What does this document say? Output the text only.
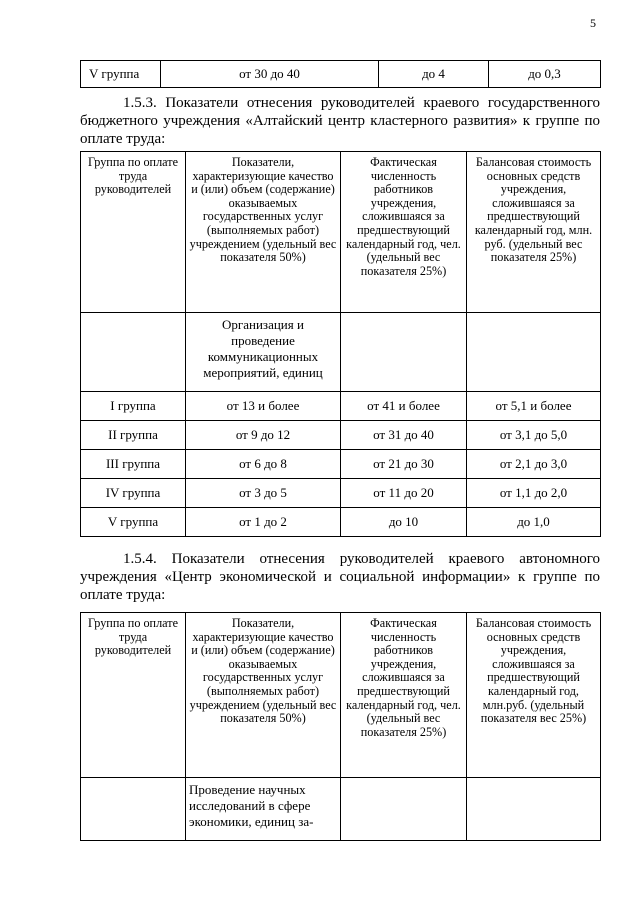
5
V группа	от 30 до 40	до 4	до 0,3
1.5.3. Показатели отнесения руководителей краевого государственного бюджетного учреждения «Алтайский центр кластерного развития» к группе по оплате труда:
Группа по оплате труда руководителей	Показатели, характеризующие качество и (или) объем (содержание) оказываемых государственных услуг (выполняемых работ) учреждением (удельный вес показателя 50%)	Фактическая численность работников учреждения, сложившаяся за предшествующий календарный год, чел. (удельный вес показателя 25%)	Балансовая стоимость основных средств учреждения, сложившаяся за предшествующий календарный год, млн. руб. (удельный вес показателя 25%)
	Организация и проведение коммуникационных мероприятий, единиц		
I группа	от 13 и более	от 41 и более	от 5,1 и более
II группа	от 9 до 12	от 31 до 40	от 3,1 до 5,0
III группа	от 6 до 8	от 21 до 30	от 2,1 до 3,0
IV группа	от 3 до 5	от 11 до 20	от 1,1 до 2,0
V группа	от 1 до 2	до 10	до 1,0
1.5.4. Показатели отнесения руководителей краевого автономного учреждения «Центр экономической и социальной информации» к группе по оплате труда:
Группа по оплате труда руководителей	Показатели, характеризующие качество и (или) объем (содержание) оказываемых государственных услуг (выполняемых работ) учреждением (удельный вес показателя 50%)	Фактическая численность работников учреждения, сложившаяся за предшествующий календарный год, чел. (удельный вес показателя 25%)	Балансовая стоимость основных средств учреждения, сложившаяся за предшествующий календарный год, млн.руб. (удельный показателя вес 25%)
	Проведение научных исследований в сфере экономики, единиц за-		
